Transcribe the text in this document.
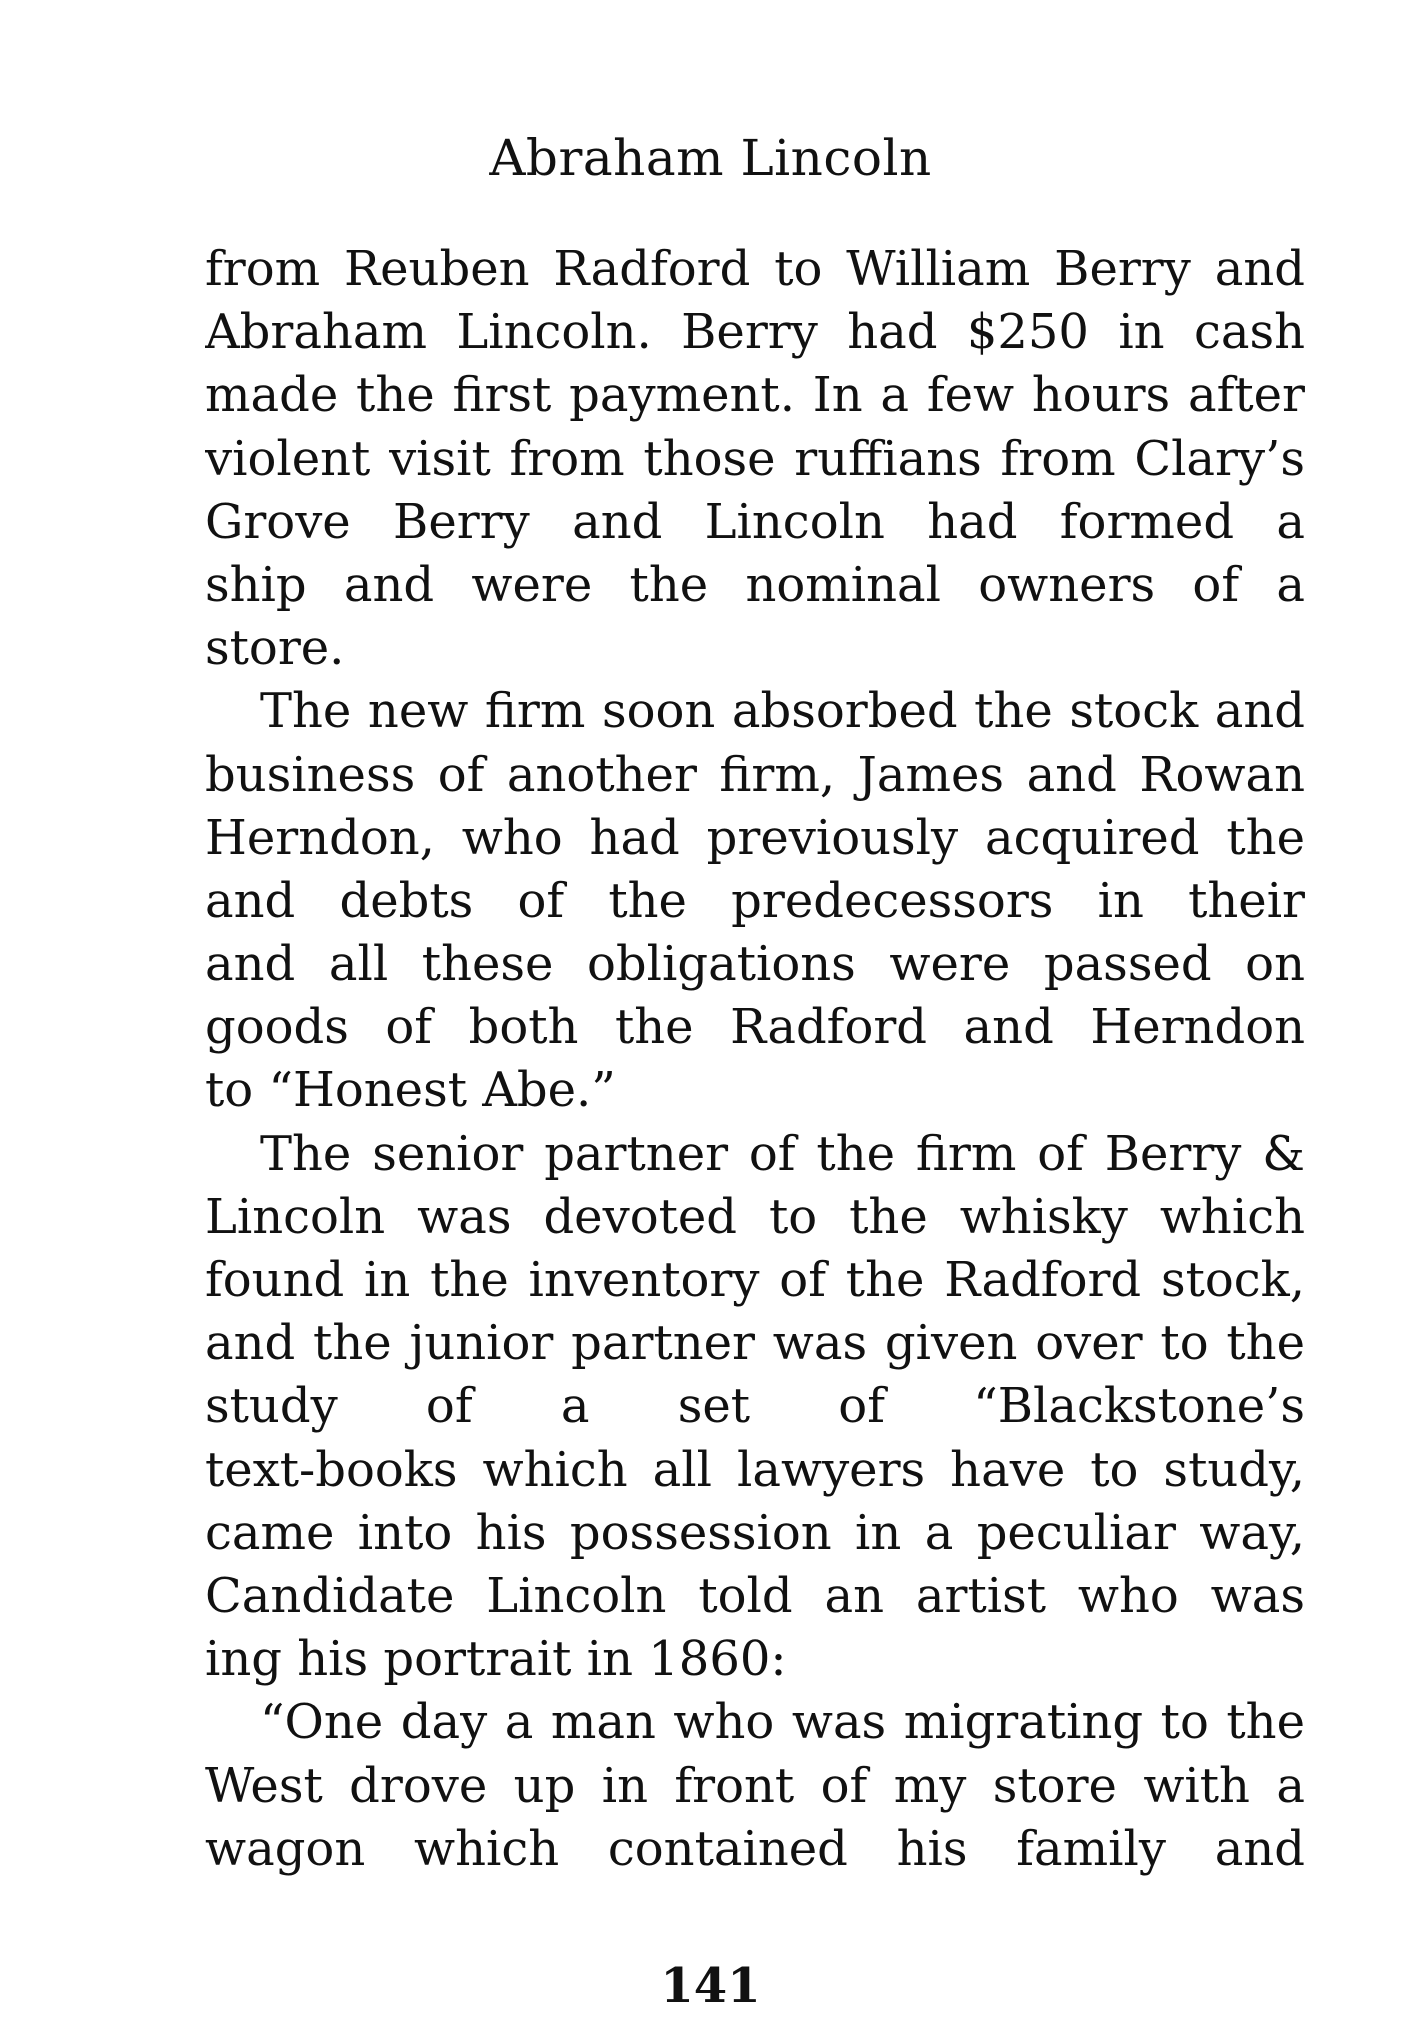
Abraham Lincoln

from Reuben Radford to William Berry and
Abraham Lincoln. Berry had $250 in cash
made the first payment. In a few hours after
violent visit from those ruffians from Clary’s
Grove Berry and Lincoln had formed a
ship and were the nominal owners of a
store.

The new firm soon absorbed the stock and
business of another firm, James and Rowan
Herndon, who had previously acquired the
and debts of the predecessors in their
and all these obligations were passed on
goods of both the Radford and Herndon
to “Honest Abe.”

The senior partner of the firm of Berry &
Lincoln was devoted to the whisky which
found in the inventory of the Radford stock,
and the junior partner was given over to the
study of a set of “Blackstone’s
text-books which all lawyers have to study,
came into his possession in a peculiar way,
Candidate Lincoln told an artist who was
ing his portrait in 1860:

“One day a man who was migrating to the
West drove up in front of my store with a
wagon which contained his family and

141
